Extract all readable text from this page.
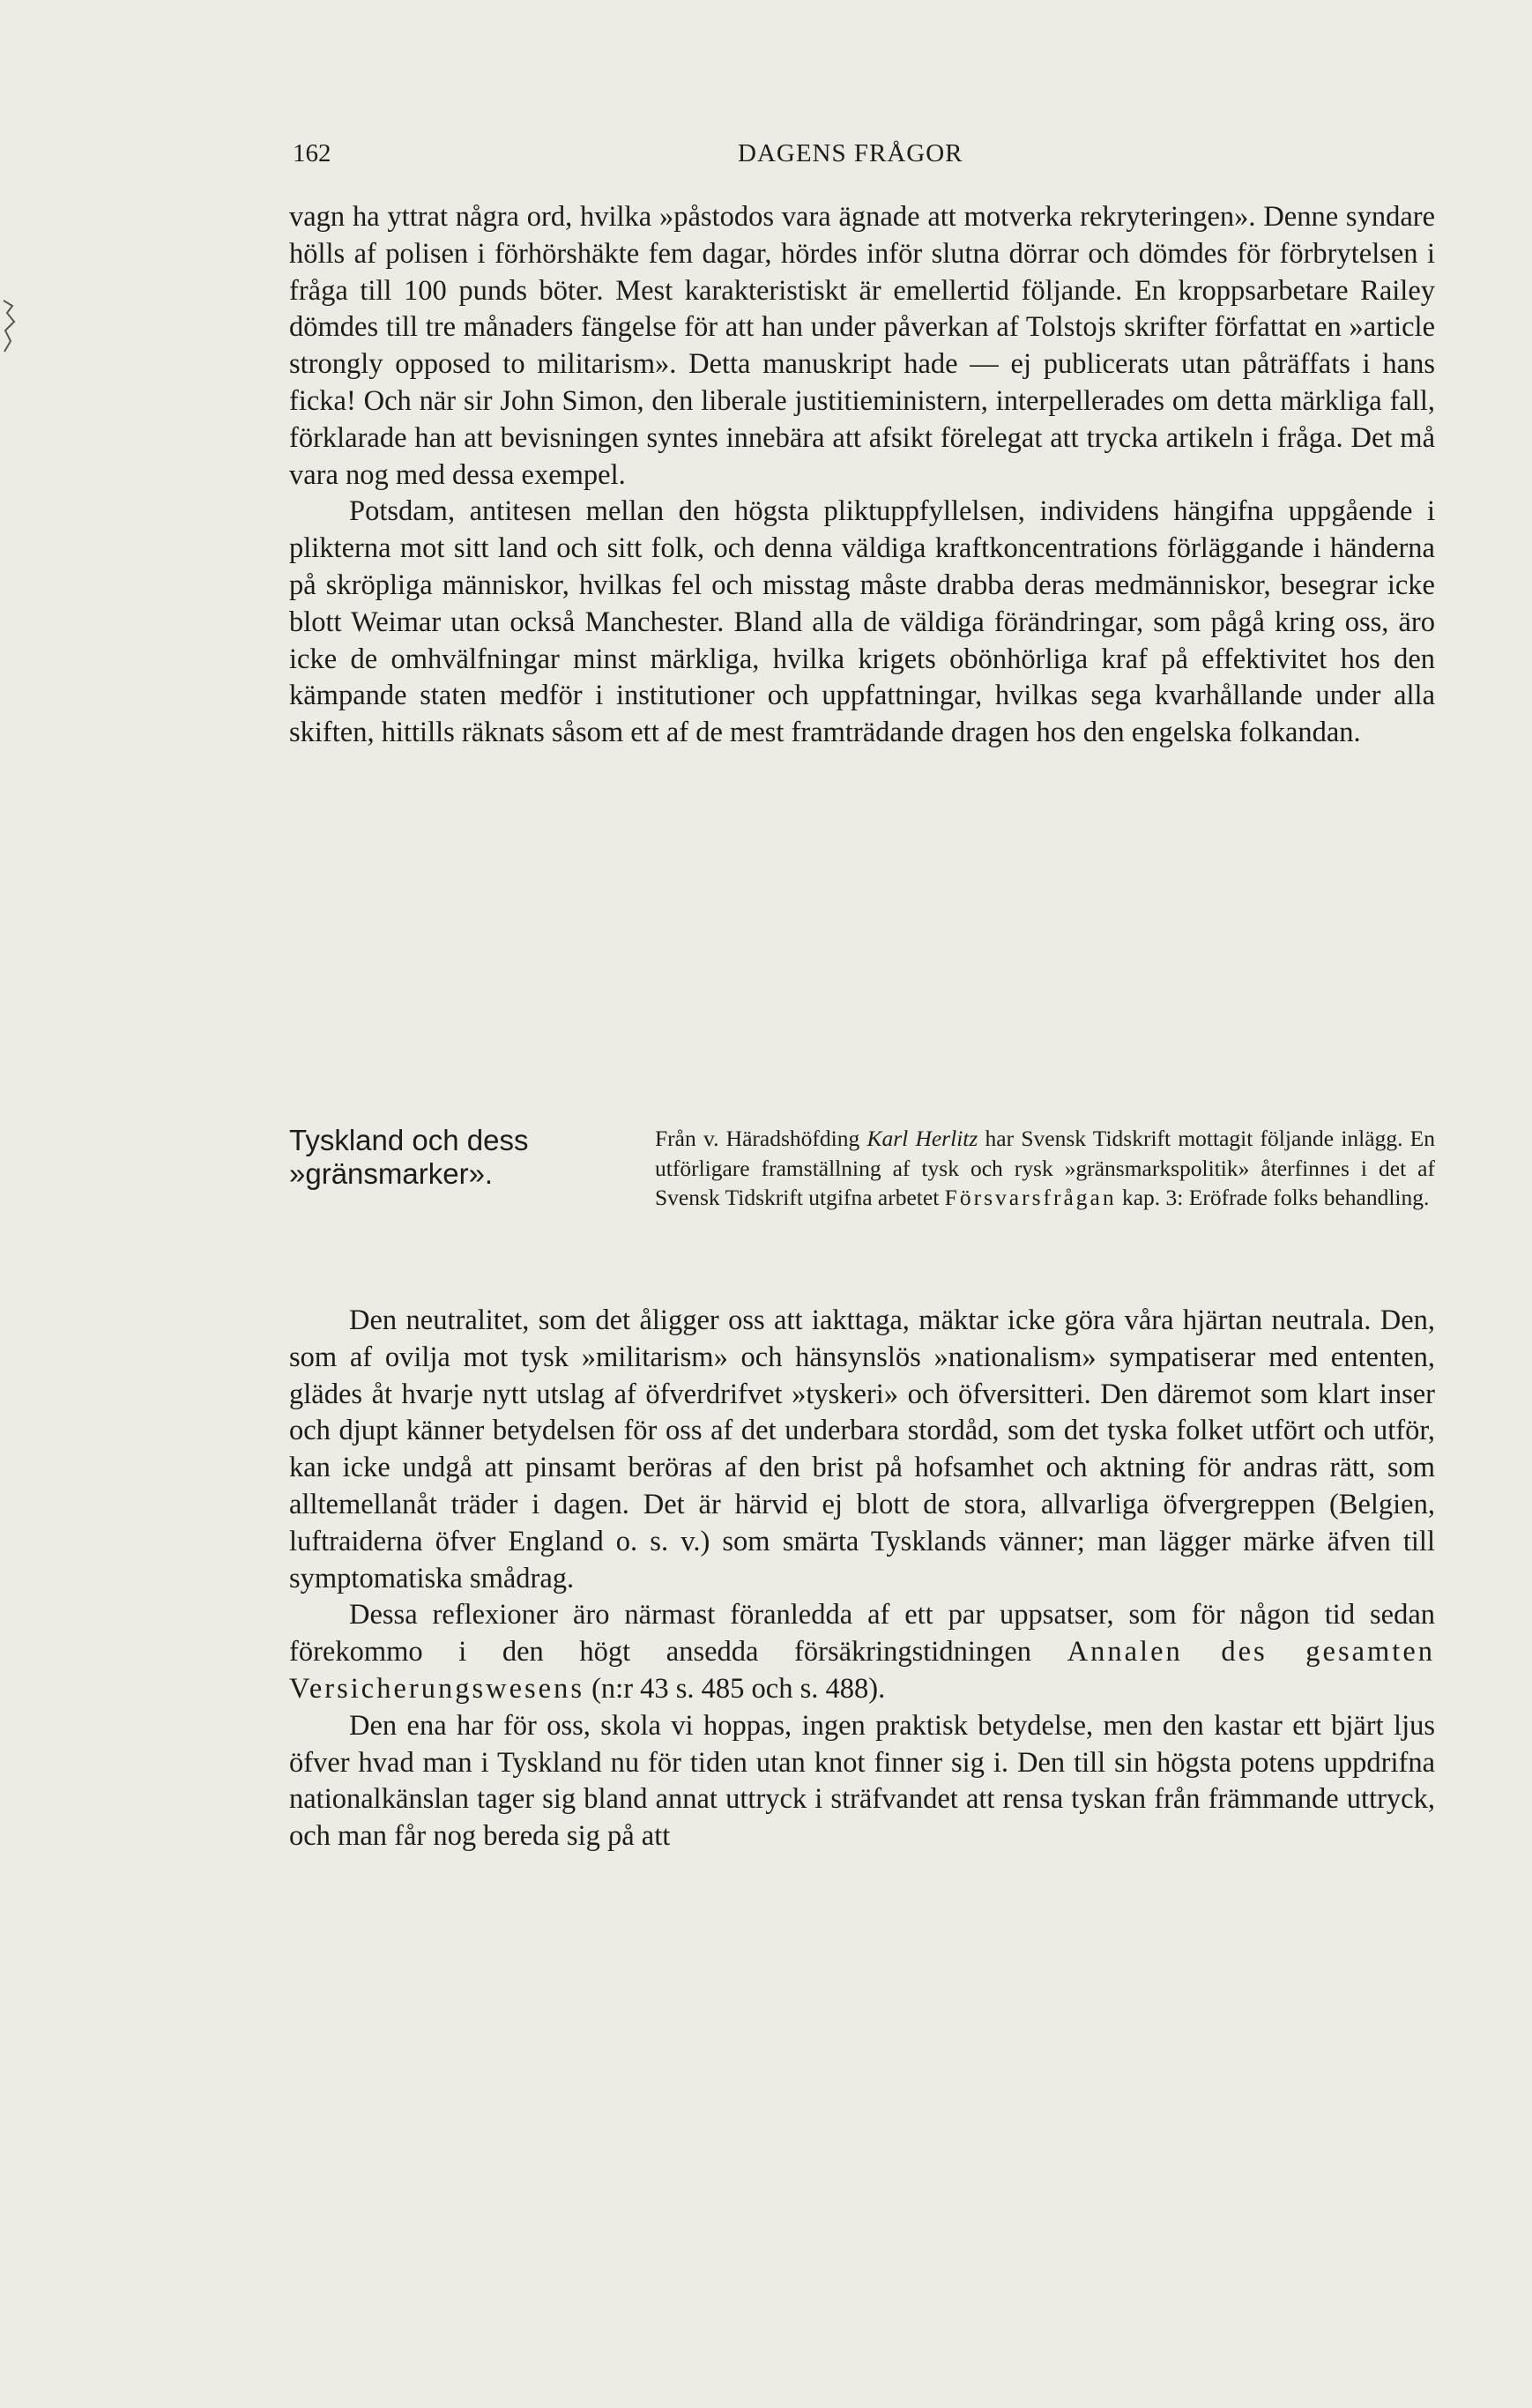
162	DAGENS FRÅGOR

vagn ha yttrat några ord, hvilka »påstodos vara ägnade att motverka rekryteringen». Denne syndare hölls af polisen i förhörshäkte fem dagar, hördes inför slutna dörrar och dömdes för förbrytelsen i fråga till 100 punds böter. Mest karakteristiskt är emellertid följande. En kroppsarbetare Railey dömdes till tre månaders fängelse för att han under påverkan af Tolstojs skrifter författat en »article strongly opposed to militarism». Detta manuskript hade — ej publicerats utan påträffats i hans ficka! Och när sir John Simon, den liberale justitieministern, interpellerades om detta märkliga fall, förklarade han att bevisningen syntes innebära att afsikt förelegat att trycka artikeln i fråga. Det må vara nog med dessa exempel.

Potsdam, antitesen mellan den högsta pliktuppfyllelsen, individens hängifna uppgående i plikterna mot sitt land och sitt folk, och denna väldiga kraftkoncentrations förläggande i händerna på skröpliga människor, hvilkas fel och misstag måste drabba deras medmänniskor, besegrar icke blott Weimar utan också Manchester. Bland alla de väldiga förändringar, som pågå kring oss, äro icke de omhvälfningar minst märkliga, hvilka krigets obönhörliga kraf på effektivitet hos den kämpande staten medför i institutioner och uppfattningar, hvilkas sega kvarhållande under alla skiften, hittills räknats såsom ett af de mest framträdande dragen hos den engelska folkandan.

Tyskland och dess
»gränsmarker».
Från v. Häradshöfding Karl Herlitz har Svensk Tidskrift mottagit följande inlägg. En utförligare framställning af tysk och rysk »gränsmarkspolitik» återfinnes i det af Svensk Tidskrift utgifna arbetet Försvarsfrågan kap. 3: Eröfrade folks behandling.

Den neutralitet, som det åligger oss att iakttaga, mäktar icke göra våra hjärtan neutrala. Den, som af ovilja mot tysk »militarism» och hänsynslös »nationalism» sympatiserar med ententen, glädes åt hvarje nytt utslag af öfverdrifvet »tyskeri» och öfversitteri. Den däremot som klart inser och djupt känner betydelsen för oss af det underbara stordåd, som det tyska folket utfört och utför, kan icke undgå att pinsamt beröras af den brist på hofsamhet och aktning för andras rätt, som alltemellanåt träder i dagen. Det är härvid ej blott de stora, allvarliga öfvergreppen (Belgien, luftraiderna öfver England o. s. v.) som smärta Tysklands vänner; man lägger märke äfven till symptomatiska smådrag.

Dessa reflexioner äro närmast föranledda af ett par uppsatser, som för någon tid sedan förekommo i den högt ansedda försäkringstidningen Annalen des gesamten Versicherungswesens (n:r 43 s. 485 och s. 488).

Den ena har för oss, skola vi hoppas, ingen praktisk betydelse, men den kastar ett bjärt ljus öfver hvad man i Tyskland nu för tiden utan knot finner sig i. Den till sin högsta potens uppdrifna nationalkänslan tager sig bland annat uttryck i sträfvandet att rensa tyskan från främmande uttryck, och man får nog bereda sig på att
